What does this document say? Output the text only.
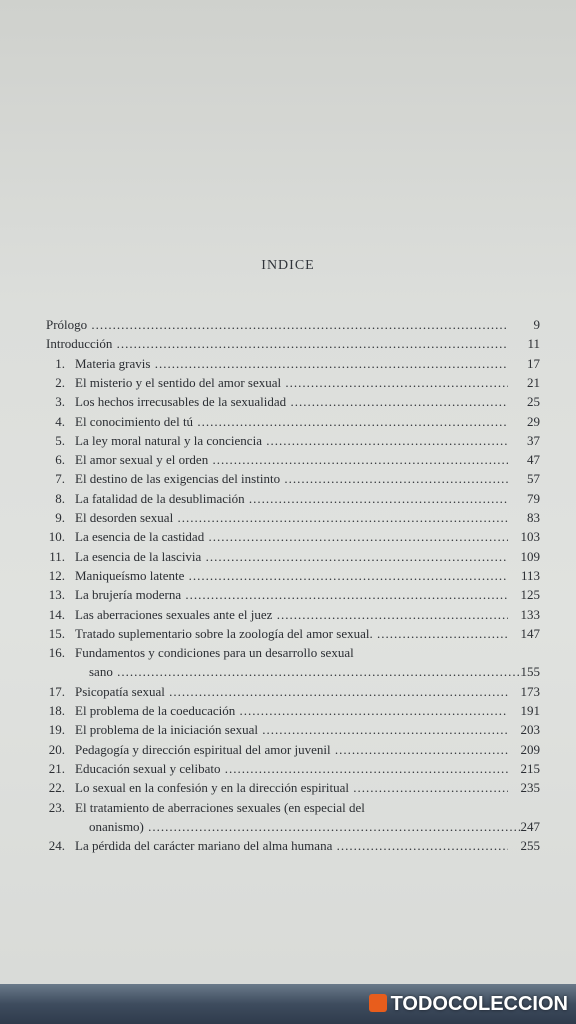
INDICE
Prólogo .....	9
Introducción .....	11
1. Materia gravis .....	17
2. El misterio y el sentido del amor sexual .....	21
3. Los hechos irrecusables de la sexualidad .....	25
4. El conocimiento del tú .....	29
5. La ley moral natural y la conciencia .....	37
6. El amor sexual y el orden .....	47
7. El destino de las exigencias del instinto .....	57
8. La fatalidad de la desublimación .....	79
9. El desorden sexual .....	83
10. La esencia de la castidad .....	103
11. La esencia de la lascivia .....	109
12. Maniqueísmo latente .....	113
13. La brujería moderna .....	125
14. Las aberraciones sexuales ante el juez .....	133
15. Tratado suplementario sobre la zoología del amor sexual. .....	147
16. Fundamentos y condiciones para un desarrollo sexual
sano .....	155
17. Psicopatía sexual .....	173
18. El problema de la coeducación .....	191
19. El problema de la iniciación sexual .....	203
20. Pedagogía y dirección espiritual del amor juvenil .....	209
21. Educación sexual y celibato .....	215
22. Lo sexual en la confesión y en la dirección espiritual .....	235
23. El tratamiento de aberraciones sexuales (en especial del
onanismo) .....	247
24. La pérdida del carácter mariano del alma humana .....	255
TODOCOLECCION
